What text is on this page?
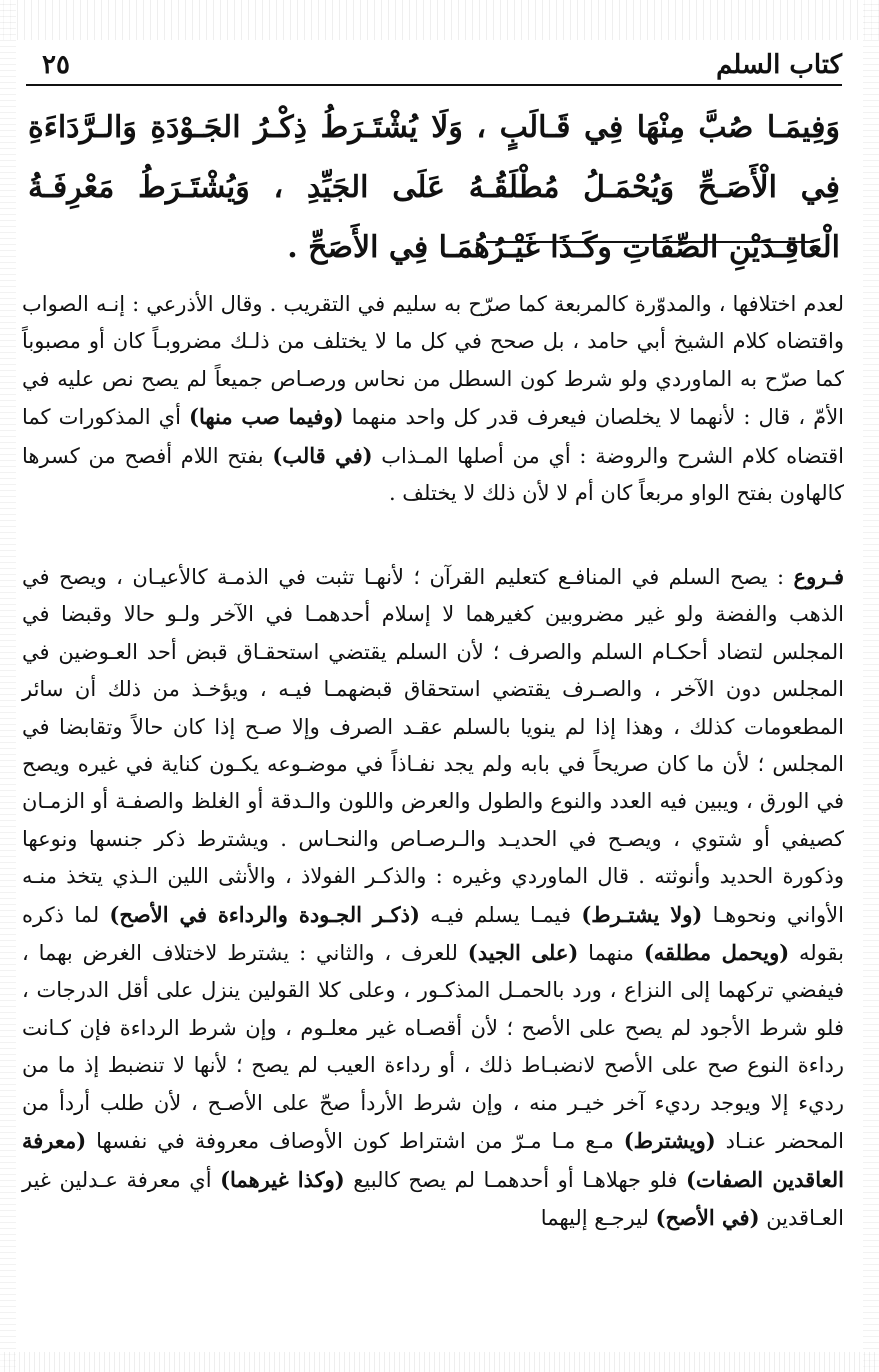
كتاب السلم
٢٥
وَفِيمَـا صُبَّ مِنْهَا فِي قَـالَبٍ ، وَلَا يُشْتَـرَطُ ذِكْـرُ الجَـوْدَةِ وَالـرَّدَاءَةِ فِي الْأَصَـحِّ وَيُحْمَـلُ مُطْلَقُـهُ عَلَى الجَيِّدِ ، وَيُشْتَـرَطُ مَعْرِفَـةُ الْعَاقِـدَيْنِ الصِّفَاتِ وكَـذَا غَيْـرُهُمَـا فِي الأَصَحِّ .

لعدم اختلافها ، والمدوّرة كالمربعة كما صرّح به سليم في التقريب . وقال الأذرعي : إنـه الصواب واقتضاه كلام الشيخ أبي حامد ، بل صحح في كل ما لا يختلف من ذلـك مضروبـاً كان أو مصبوباً كما صرّح به الماوردي ولو شرط كون السطل من نحاس ورصـاص جميعاً لم يصح نص عليه في الأمّ ، قال : لأنهما لا يخلصان فيعرف قدر كل واحد منهما (وفيما صب منها) أي المذكورات كما اقتضاه كلام الشرح والروضة : أي من أصلها المـذاب (في قالب) بفتح اللام أفصح من كسرها كالهاون بفتح الواو مربعاً كان أم لا لأن ذلك لا يختلف .

فـروع : يصح السلم في المنافـع كتعليم القرآن ؛ لأنهـا تثبت في الذمـة كالأعيـان ، ويصح في الذهب والفضة ولو غير مضروبين كغيرهما لا إسلام أحدهمـا في الآخر ولـو حالا وقبضا في المجلس لتضاد أحكـام السلم والصرف ؛ لأن السلم يقتضي استحقـاق قبض أحد العـوضين في المجلس دون الآخر ، والصـرف يقتضي استحقاق قبضهمـا فيـه ، ويؤخـذ من ذلك أن سائر المطعومات كذلك ، وهذا إذا لم ينويا بالسلم عقـد الصرف وإلا صـح إذا كان حالاً وتقابضا في المجلس ؛ لأن ما كان صريحاً في بابه ولم يجد نفـاذاً في موضـوعه يكـون كناية في غيره ويصح في الورق ، ويبين فيه العدد والنوع والطول والعرض واللون والـدقة أو الغلظ والصفـة أو الزمـان كصيفي أو شتوي ، ويصـح في الحديـد والـرصـاص والنحـاس . ويشترط ذكر جنسها ونوعها وذكورة الحديد وأنوثته . قال الماوردي وغيره : والذكـر الفولاذ ، والأنثى اللين الـذي يتخذ منـه الأواني ونحوهـا (ولا يشتـرط) فيمـا يسلم فيـه (ذكـر الجـودة والرداءة في الأصح) لما ذكره بقوله (ويحمل مطلقه) منهما (على الجيد) للعرف ، والثاني : يشترط لاختلاف الغرض بهما ، فيفضي تركهما إلى النزاع ، ورد بالحمـل المذكـور ، وعلى كلا القولين ينزل على أقل الدرجات ، فلو شرط الأجود لم يصح على الأصح ؛ لأن أقصـاه غير معلـوم ، وإن شرط الرداءة فإن كـانت رداءة النوع صح على الأصح لانضبـاط ذلك ، أو رداءة العيب لم يصح ؛ لأنها لا تنضبط إذ ما من رديء إلا ويوجد رديء آخر خيـر منه ، وإن شرط الأردأ صحّ على الأصـح ، لأن طلب أردأ من المحضر عنـاد (ويشترط) مـع مـا مـرّ من اشتراط كون الأوصاف معروفة في نفسها (معرفة العاقدين الصفات) فلو جهلاهـا أو أحدهمـا لم يصح كالبيع (وكذا غيرهما) أي معرفة عـدلين غير العـاقدين (في الأصح) ليرجـع إليهما
